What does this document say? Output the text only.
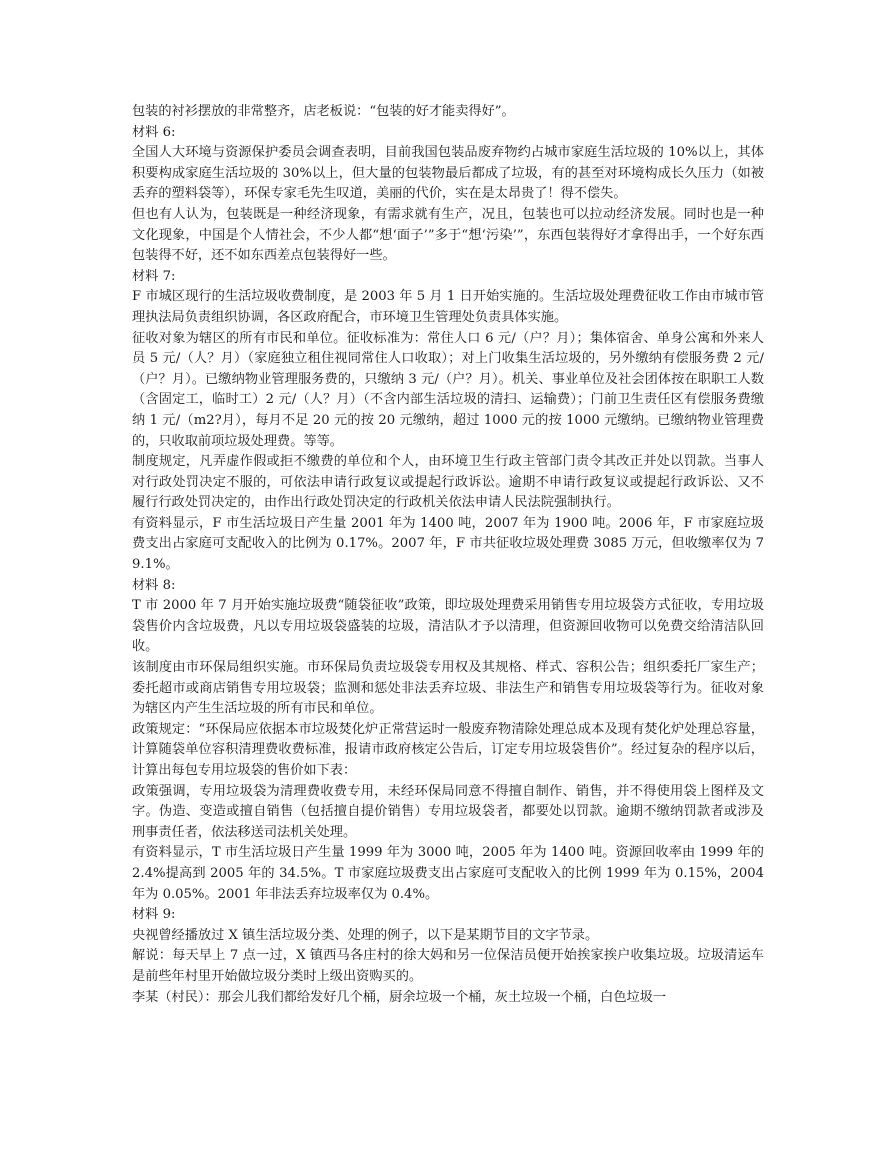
包装的衬衫摆放的非常整齐，店老板说：“包装的好才能卖得好”。

材料 6:

全国人大环境与资源保护委员会调查表明，目前我国包装品废弃物约占城市家庭生活垃圾的 10%以上，其体积要构成家庭生活垃圾的 30%以上，但大量的包装物最后都成了垃圾，有的甚至对环境构成长久压力（如被丢弃的塑料袋等），环保专家毛先生叹道，美丽的代价，实在是太昂贵了！得不偿失。

但也有人认为，包装既是一种经济现象，有需求就有生产，况且，包装也可以拉动经济发展。同时也是一种文化现象，中国是个人情社会，不少人都“想‘面子’”多于“想‘污染’”，东西包装得好才拿得出手，一个好东西包装得不好，还不如东西差点包装得好一些。

材料 7:

F 市城区现行的生活垃圾收费制度，是 2003 年 5 月 1 日开始实施的。生活垃圾处理费征收工作由市城市管理执法局负责组织协调，各区政府配合，市环境卫生管理处负责具体实施。

征收对象为辖区的所有市民和单位。征收标准为：常住人口 6 元/（户？月）；集体宿舍、单身公寓和外来人员 5 元/（人？月）（家庭独立租住视同常住人口收取）；对上门收集生活垃圾的，另外缴纳有偿服务费 2 元/（户？月）。已缴纳物业管理服务费的，只缴纳 3 元/（户？月）。机关、事业单位及社会团体按在职职工人数（含固定工，临时工）2 元/（人？月）（不含内部生活垃圾的清扫、运输费）；门前卫生责任区有偿服务费缴纳 1 元/（m2?月），每月不足 20 元的按 20 元缴纳，超过 1000 元的按 1000 元缴纳。已缴纳物业管理费的，只收取前项垃圾处理费。等等。

制度规定，凡弄虚作假或拒不缴费的单位和个人，由环境卫生行政主管部门责令其改正并处以罚款。当事人对行政处罚决定不服的，可依法申请行政复议或提起行政诉讼。逾期不申请行政复议或提起行政诉讼、又不履行行政处罚决定的，由作出行政处罚决定的行政机关依法申请人民法院强制执行。

有资料显示，F 市生活垃圾日产生量 2001 年为 1400 吨，2007 年为 1900 吨。2006 年，F 市家庭垃圾费支出占家庭可支配收入的比例为 0.17%。2007 年，F 市共征收垃圾处理费 3085 万元，但收缴率仅为 79.1%。

材料 8:

T 市 2000 年 7 月开始实施垃圾费“随袋征收”政策，即垃圾处理费采用销售专用垃圾袋方式征收，专用垃圾袋售价内含垃圾费，凡以专用垃圾袋盛装的垃圾，清洁队才予以清理，但资源回收物可以免费交给清洁队回收。

该制度由市环保局组织实施。市环保局负责垃圾袋专用权及其规格、样式、容积公告；组织委托厂家生产；委托超市或商店销售专用垃圾袋；监测和惩处非法丢弃垃圾、非法生产和销售专用垃圾袋等行为。征收对象为辖区内产生生活垃圾的所有市民和单位。

政策规定：“环保局应依据本市垃圾焚化炉正常营运时一般废弃物清除处理总成本及现有焚化炉处理总容量，计算随袋单位容积清理费收费标准，报请市政府核定公告后，订定专用垃圾袋售价”。经过复杂的程序以后，计算出每包专用垃圾袋的售价如下表：

政策强调，专用垃圾袋为清理费收费专用，未经环保局同意不得擅自制作、销售，并不得使用袋上图样及文字。伪造、变造或擅自销售（包括擅自提价销售）专用垃圾袋者，都要处以罚款。逾期不缴纳罚款者或涉及刑事责任者，依法移送司法机关处理。

有资料显示，T 市生活垃圾日产生量 1999 年为 3000 吨，2005 年为 1400 吨。资源回收率由 1999 年的 2.4%提高到 2005 年的 34.5%。T 市家庭垃圾费支出占家庭可支配收入的比例 1999 年为 0.15%，2004 年为 0.05%。2001 年非法丢弃垃圾率仅为 0.4%。

材料 9:

央视曾经播放过 X 镇生活垃圾分类、处理的例子，以下是某期节目的文字节录。

解说：每天早上 7 点一过，X 镇西马各庄村的徐大妈和另一位保洁员便开始挨家挨户收集垃圾。垃圾清运车是前些年村里开始做垃圾分类时上级出资购买的。

李某（村民）：那会儿我们都给发好几个桶，厨余垃圾一个桶，灰土垃圾一个桶，白色垃圾一
